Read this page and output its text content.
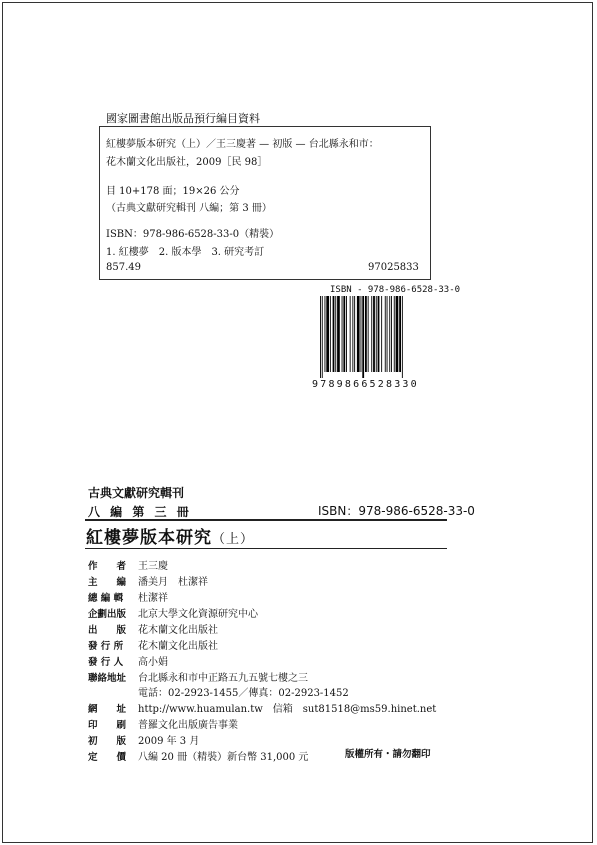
國家圖書館出版品預行編目資料
紅樓夢版本研究（上）／王三慶著 — 初版 — 台北縣永和市：
花木蘭文化出版社，2009［民 98］
目 10+178 面；19×26 公分
（古典文獻研究輯刊 八編；第 3 冊）
ISBN：978-986-6528-33-0（精裝）
1. 紅樓夢　2. 版本學　3. 研究考訂
857.49	97025833
ISBN - 978-986-6528-33-0
9789866528330
古典文獻研究輯刊
八 編 第 三 冊	ISBN：978-986-6528-33-0
紅樓夢版本研究（上）
作　　者 王三慶
主　　編 潘美月　杜潔祥
總 編 輯 杜潔祥
企劃出版 北京大學文化資源研究中心
出　　版 花木蘭文化出版社
發 行 所 花木蘭文化出版社
發 行 人 高小娟
聯絡地址 台北縣永和市中正路五九五號七樓之三
電話：02-2923-1455／傳真：02-2923-1452
網　　址 http://www.huamulan.tw　信箱　sut81518@ms59.hinet.net
印　　刷 普羅文化出版廣告事業
初　　版 2009 年 3 月
定　　價 八編 20 冊（精裝）新台幣 31,000 元	版權所有・請勿翻印
